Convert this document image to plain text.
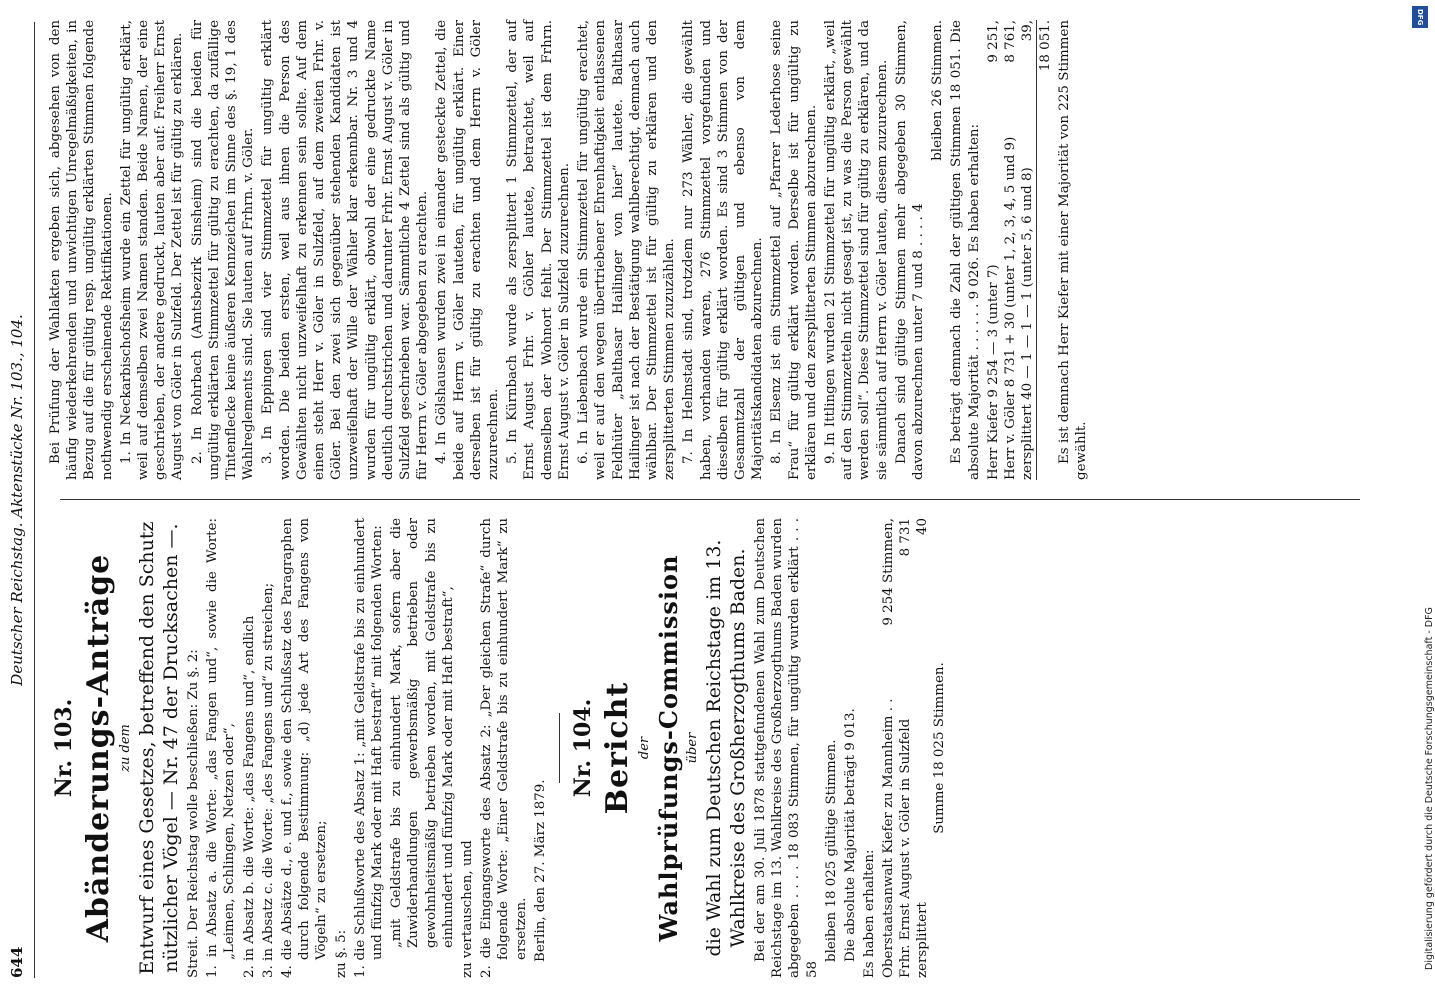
644
Deutscher Reichstag. Aktenstücke Nr. 103., 104.
Nr. 103. Abänderungs-Anträge zu dem Entwurf eines Gesetzes, betreffend den Schutz nützlicher Vögel — Nr. 47 der Drucksachen —. Streit. Der Reichstag wolle beschließen: Zu §. 2: 1. in Absatz a. die Worte: „das Fangen und“, sowie die Worte: „Leimen, Schlingen, Netzen oder“, 2. in Absatz b. die Worte: „das Fangens und“, endlich 3. in Absatz c. die Worte: „des Fangens und“ zu streichen; 4. die Absätze d., e. und f., sowie den Schlußsatz des Paragraphen durch folgende Bestimmung: „d) jede Art des Fangens von Vögeln“ zu ersetzen; zu §. 5: 1. die Schlußworte des Absatz 1: „mit Geldstrafe bis zu einhundert und fünfzig Mark oder mit Haft bestraft“ mit folgenden Worten: „mit Geldstrafe bis zu einhundert Mark, sofern aber die Zuwiderhandlungen gewerbsmäßig betrieben oder gewohnheitsmäßig betrieben worden, mit Geldstrafe bis zu einhundert und fünfzig Mark oder mit Haft bestraft“, zu vertauschen, und 2. die Eingangsworte des Absatz 2: „Der gleichen Strafe“ durch folgende Worte: „Einer Geldstrafe bis zu einhundert Mark“ zu ersetzen. Berlin, den 27. März 1879.

Nr. 104. Bericht der Wahlprüfungs-Commission über die Wahl zum Deutschen Reichstage im 13. Wahlkreise des Großherzogthums Baden. Bei der am 30. Juli 1878 stattgefundenen Wahl zum Deutschen Reichstage im 13. Wahlkreise des Großherzogthums Baden wurden abgegeben . . . . 18 083 Stimmen, für ungültig wurden erklärt . . . 58

bleiben 18 025 gültige Stimmen. Die absolute Majorität beträgt 9 013. Es haben erhalten: Oberstaatsanwalt Kiefer zu Mannheim . .
9 254 Stimmen,
Frhr. Ernst August v. Göler in Sulzfeld
8 731
zersplittert
40
Summe 18 025 Stimmen.

Bei Prüfung der Wahlakten ergeben sich, abgesehen von den häufig wiederkehrenden und unwichtigen Unregelmäßigkeiten, in Bezug auf die für gültig resp. ungültig erklärten Stimmen folgende nothwendig erscheinende Rektifikationen. 1. In Neckarbischofsheim wurde ein Zettel für ungültig erklärt, weil auf demselben zwei Namen standen. Beide Namen, der eine geschrieben, der andere gedruckt, lauten aber auf: Freiherr Ernst August von Göler in Sulzfeld. Der Zettel ist für gültig zu erklären. 2. In Rohrbach (Amtsbezirk Sinsheim) sind die beiden für ungültig erklärten Stimmzettel für gültig zu erachten, da zufällige Tintenflecke keine äußeren Kennzeichen im Sinne des §. 19, 1 des Wahlreglements sind. Sie lauten auf Frhrn. v. Göler. 3. In Eppingen sind vier Stimmzettel für ungültig erklärt worden. Die beiden ersten, weil aus ihnen die Person des Gewählten nicht unzweifelhaft zu erkennen sein sollte. Auf dem einen steht Herr v. Göler in Sulzfeld, auf dem zweiten Frhr. v. Göler. Bei den zwei sich gegenüber stehenden Kandidaten ist unzweifelhaft der Wille der Wähler klar erkennbar. Nr. 3 und 4 wurden für ungültig erklärt, obwohl der eine gedruckte Name deutlich durchstrichen und darunter Frhr. Ernst August v. Göler in Sulzfeld geschrieben war. Sämmtliche 4 Zettel sind als gültig und für Herrn v. Göler abgegeben zu erachten. 4. In Gölshausen wurden zwei in einander gesteckte Zettel, die beide auf Herrn v. Göler lauteten, für ungültig erklärt. Einer derselben ist für gültig zu erachten und dem Herrn v. Göler zuzurechnen. 5. In Kürnbach wurde als zersplittert 1 Stimmzettel, der auf Ernst August Frhr. v. Göhler lautete, betrachtet, weil auf demselben der Wohnort fehlt. Der Stimmzettel ist dem Frhrn. Ernst August v. Göler in Sulzfeld zuzurechnen. 6. In Liebenbach wurde ein Stimmzettel für ungültig erachtet, weil er auf den wegen übertriebener Ehrenhaftigkeit entlassenen Feldhüter „Balthasar Hailinger von hier“ lautete. Balthasar Hailinger ist nach der Bestätigung wahlberechtigt, demnach auch wählbar. Der Stimmzettel ist für gültig zu erklären und den zersplitterten Stimmen zuzuzählen. 7. In Helmstadt sind, trotzdem nur 273 Wähler, die gewählt haben, vorhanden waren, 276 Stimmzettel vorgefunden und dieselben für gültig erklärt worden. Es sind 3 Stimmen von der Gesammtzahl der gültigen und ebenso von dem Majoritätskandidaten abzurechnen. 8. In Elsenz ist ein Stimmzettel auf „Pfarrer Lederhose seine Frau“ für gültig erklärt worden. Derselbe ist für ungültig zu erklären und den zersplitterten Stimmen abzurechnen. 9. In Ittlingen wurden 21 Stimmzettel für ungültig erklärt, „weil auf den Stimmzetteln nicht gesagt ist, zu was die Person gewählt werden soll“. Diese Stimmzettel sind für gültig zu erklären, und da sie sämmtlich auf Herrn v. Göler lauten, diesem zuzurechnen. Danach sind gültige Stimmen mehr abgegeben 30 Stimmen, davon abzurechnen unter 7 und 8 . . . . 4

bleiben 26 Stimmen. Es beträgt demnach die Zahl der gültigen Stimmen 18 051. Die absolute Majorität . . . . . . 9 026. Es haben erhalten: Herr Kiefer 9 254 — 3 (unter 7)
9 251,
Herr v. Göler 8 731 + 30 (unter 1, 2, 3, 4, 5 und 9)
8 761,
zersplittert 40 — 1 — 1 — 1 (unter 5, 6 und 8)
39, 18 051. Es ist demnach Herr Kiefer mit einer Majorität von 225 Stimmen gewählt.

DFG
Digitalisierung gefördert durch die Deutsche Forschungsgemeinschaft - DFG
